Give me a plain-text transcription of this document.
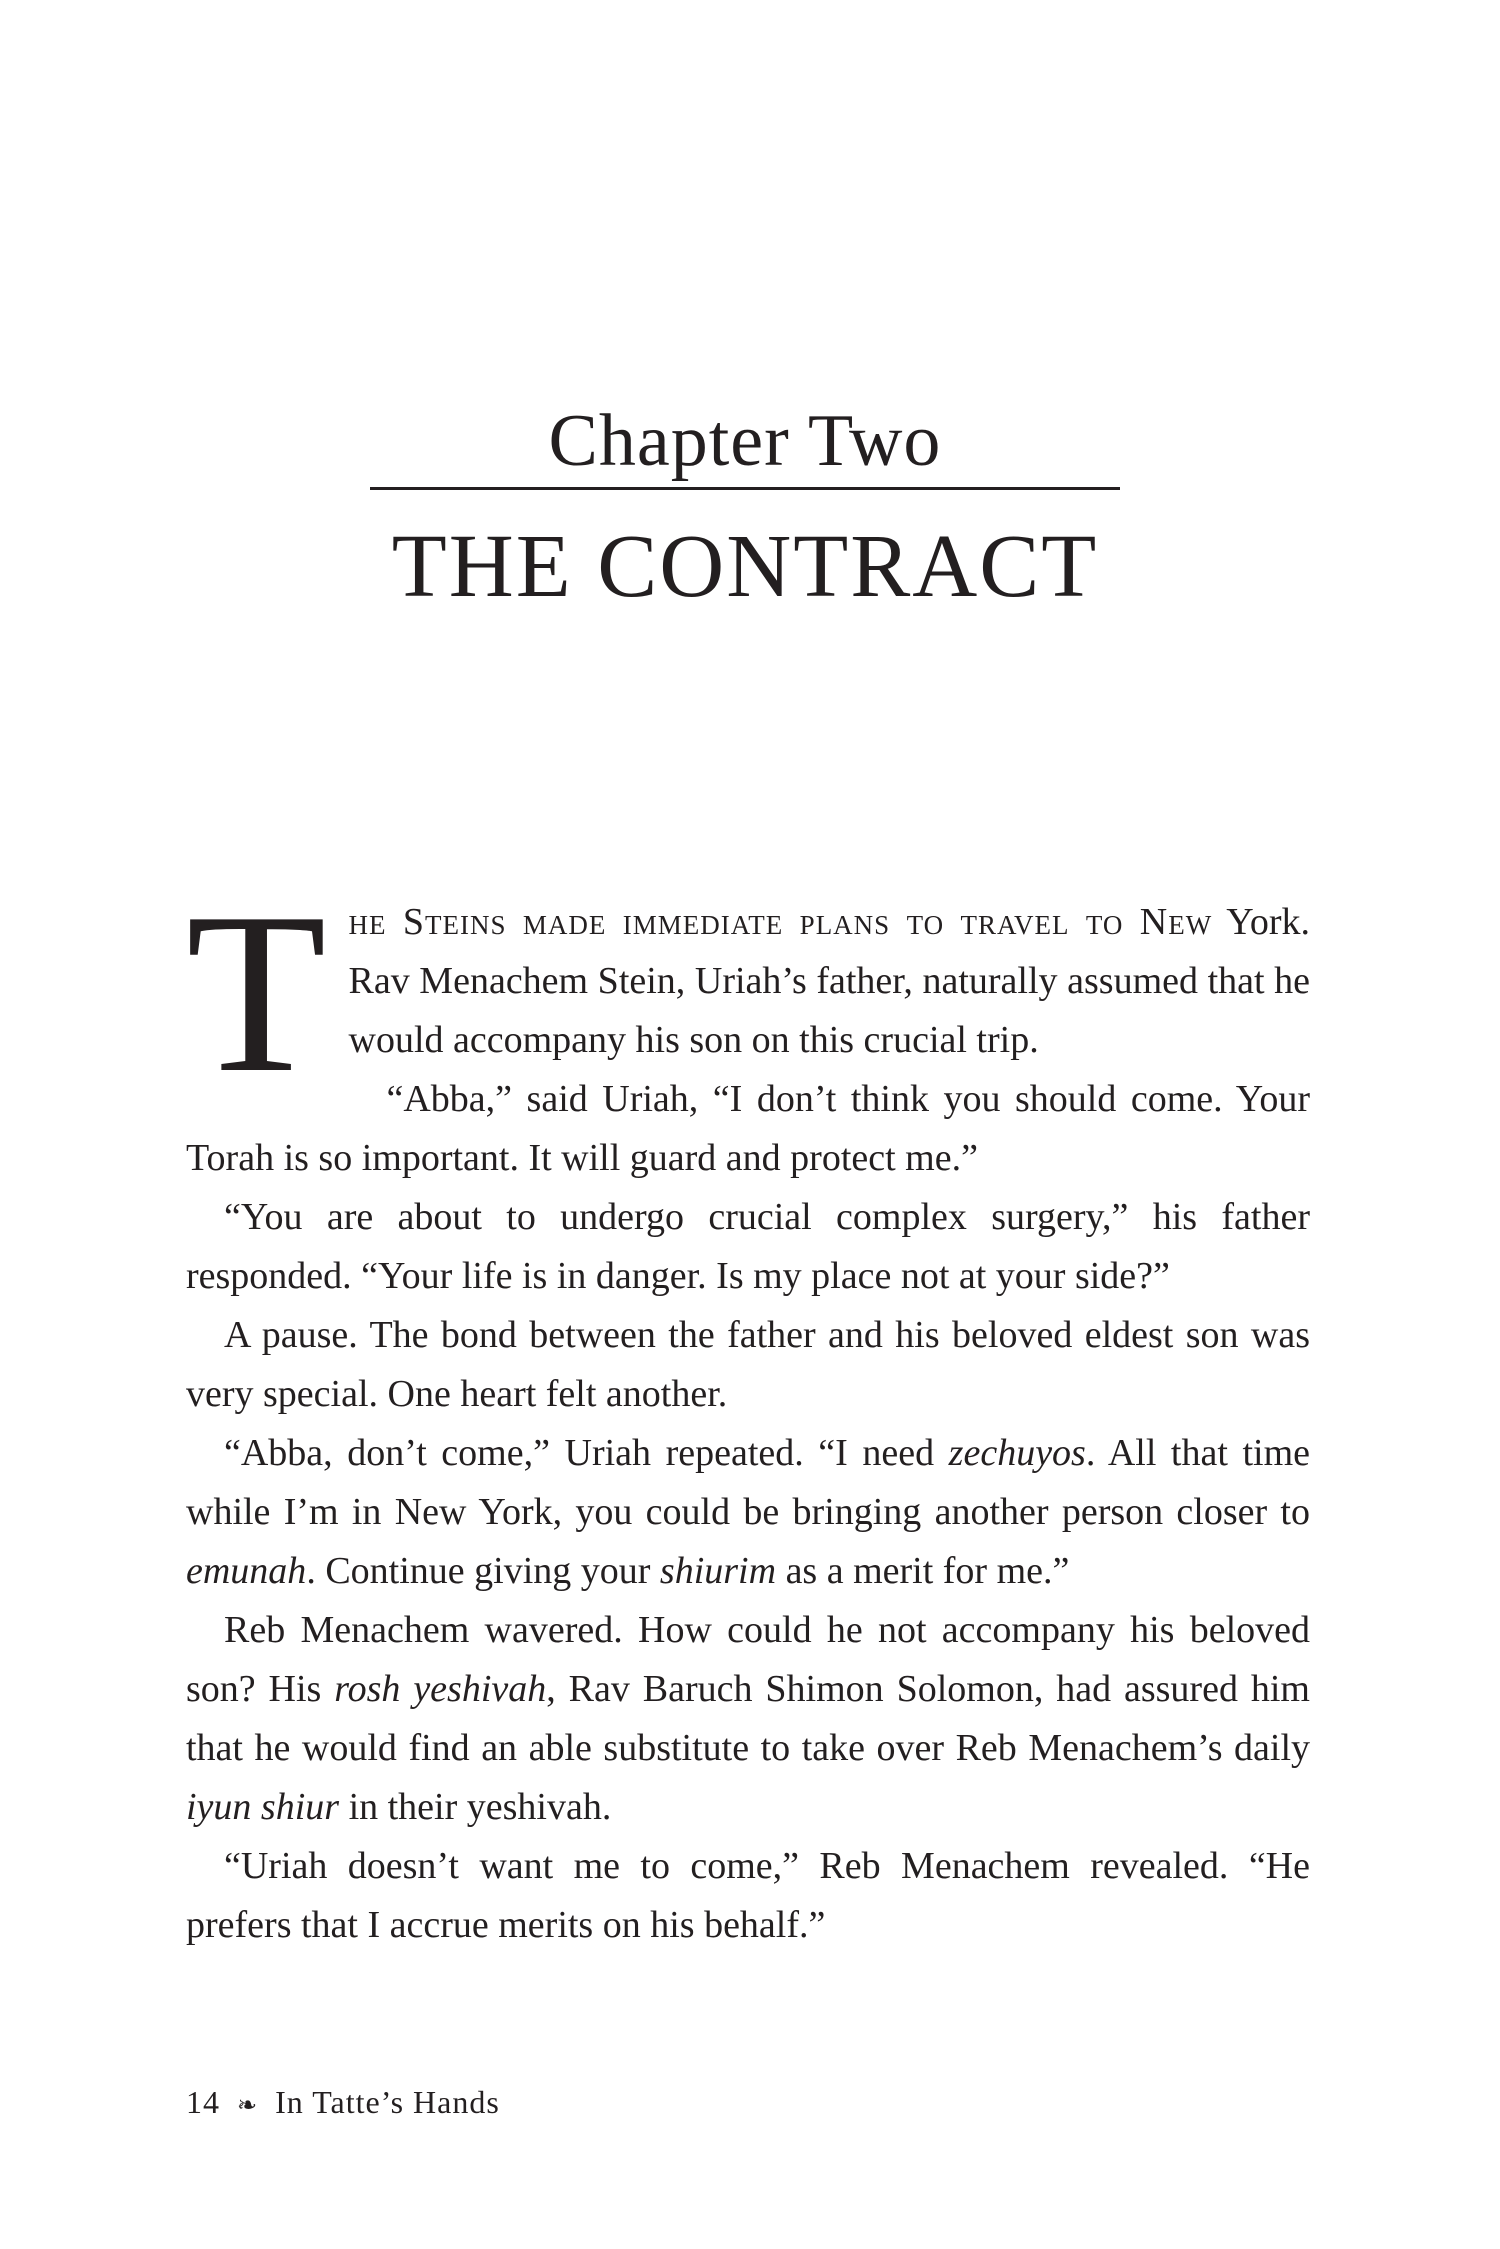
Chapter Two
THE CONTRACT

The Steins made immediate plans to travel to New York. Rav Menachem Stein, Uriah’s father, naturally assumed that he would accompany his son on this crucial trip.

“Abba,” said Uriah, “I don’t think you should come. Your Torah is so important. It will guard and protect me.”

“You are about to undergo crucial complex surgery,” his father responded. “Your life is in danger. Is my place not at your side?”

A pause. The bond between the father and his beloved eldest son was very special. One heart felt another.

“Abba, don’t come,” Uriah repeated. “I need zechuyos. All that time while I’m in New York, you could be bringing another person closer to emunah. Continue giving your shiurim as a merit for me.”

Reb Menachem wavered. How could he not accompany his beloved son? His rosh yeshivah, Rav Baruch Shimon Solomon, had assured him that he would find an able substitute to take over Reb Menachem’s daily iyun shiur in their yeshivah.

“Uriah doesn’t want me to come,” Reb Menachem revealed. “He prefers that I accrue merits on his behalf.”

14 ❧ In Tatte’s Hands
